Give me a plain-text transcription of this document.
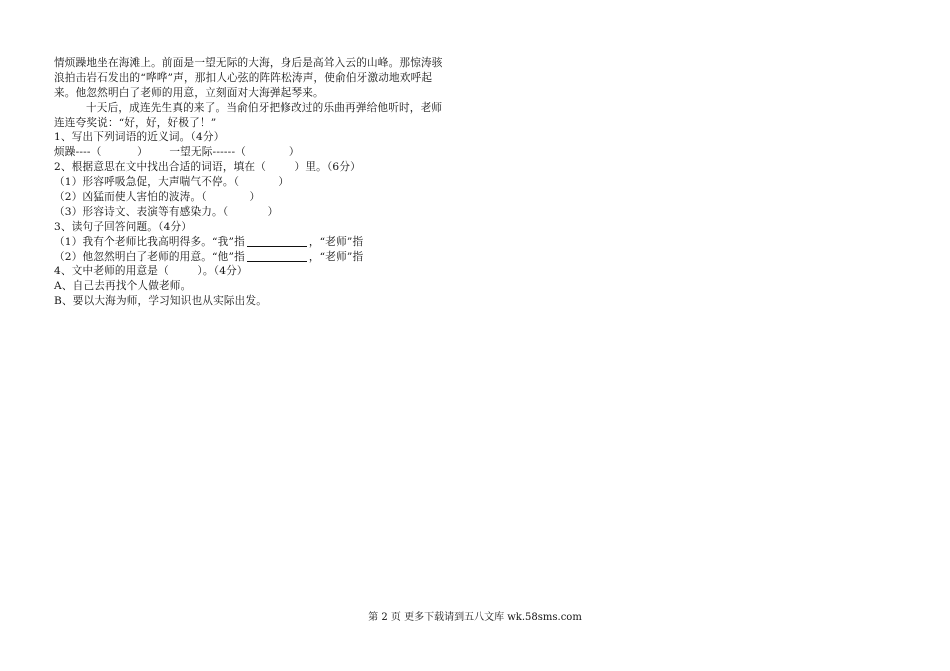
情烦躁地坐在海滩上。前面是一望无际的大海，身后是高耸入云的山峰。那惊涛骇
浪拍击岩石发出的“哗哗”声，那扣人心弦的阵阵松涛声，使俞伯牙激动地欢呼起
来。他忽然明白了老师的用意，立刻面对大海弹起琴来。
十天后，成连先生真的来了。当俞伯牙把修改过的乐曲再弹给他听时，老师
连连夸奖说：“好，好，好极了！”
1、写出下列词语的近义词。（4分）
烦躁----（          ）      一望无际------（            ）
2、根据意思在文中找出合适的词语，填在（        ）里。（6分）
（1）形容呼吸急促，大声喘气不停。（           ）
（2）凶猛而使人害怕的波涛。（            ）
（3）形容诗文、表演等有感染力。（           ）
3、读句子回答问题。（4分）
（1）我有个老师比我高明得多。“我”指	，“老师”指
（2）他忽然明白了老师的用意。“他”指	，“老师”指
4、文中老师的用意是（        ）。（4分）
A、自己去再找个人做老师。
B、要以大海为师，学习知识也从实际出发。
第 2 页 更多下载请到五八文库 wk.58sms.com
